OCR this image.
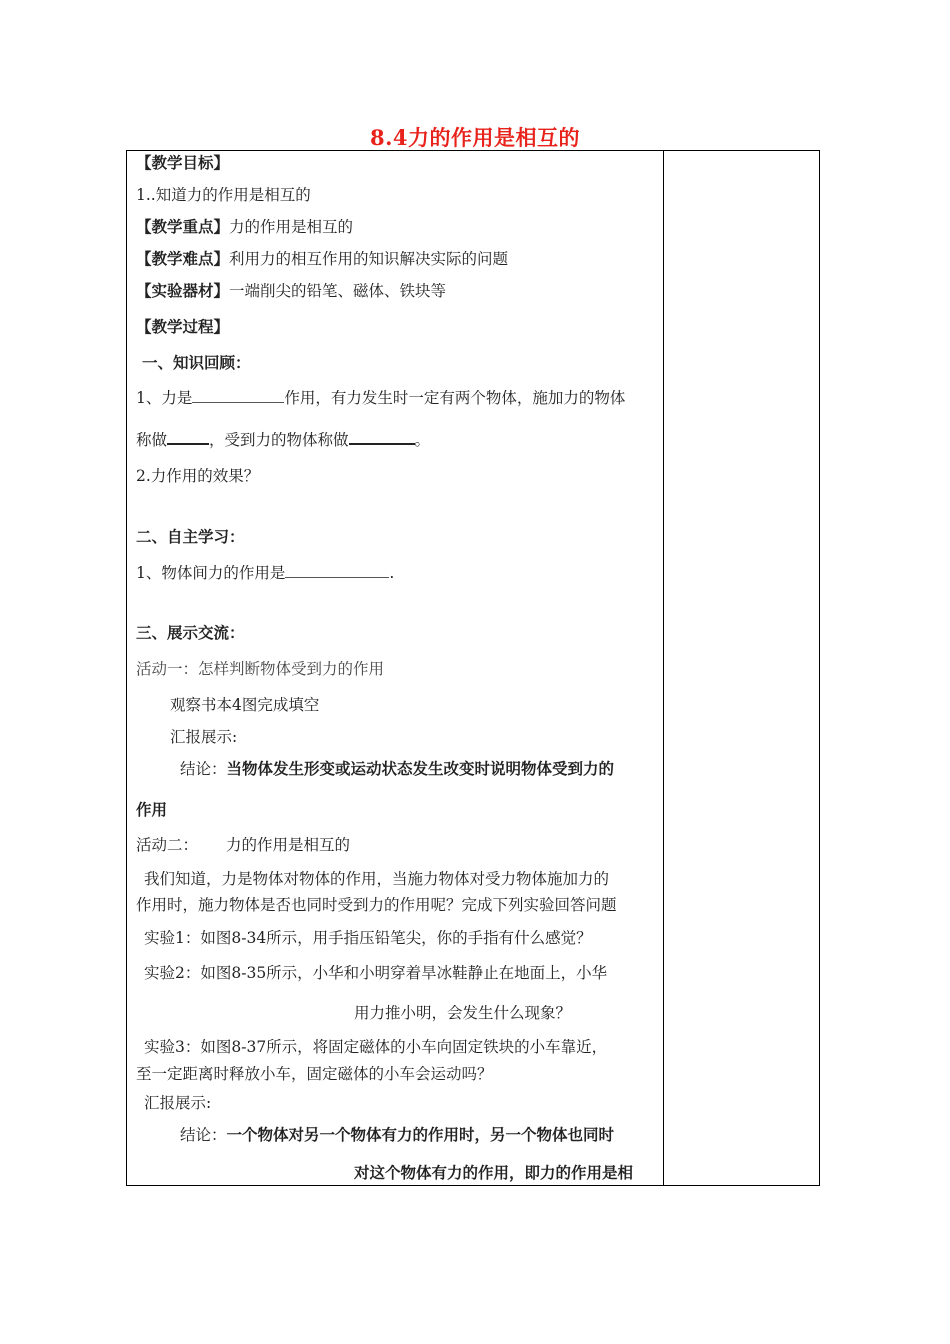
8.4力的作用是相互的
【教学目标】
1..知道力的作用是相互的
【教学重点】力的作用是相互的
【教学难点】利用力的相互作用的知识解决实际的问题
【实验器材】一端削尖的铅笔、磁体、铁块等
【教学过程】
一、知识回顾：
1、力是	作用，有力发生时一定有两个物体，施加力的物体
称做	，受到力的物体称做	。
2.力作用的效果？
二、自主学习：
1、物体间力的作用是	.
三、展示交流：
活动一：怎样判断物体受到力的作用
观察书本4图完成填空
汇报展示:
结论：当物体发生形变或运动状态发生改变时说明物体受到力的
作用
活动二： 力的作用是相互的
我们知道，力是物体对物体的作用，当施力物体对受力物体施加力的
作用时，施力物体是否也同时受到力的作用呢？完成下列实验回答问题
实验1：如图8-34所示，用手指压铅笔尖，你的手指有什么感觉？
实验2：如图8-35所示，小华和小明穿着旱冰鞋静止在地面上，小华
用力推小明，会发生什么现象？
实验3：如图8-37所示，将固定磁体的小车向固定铁块的小车靠近，
至一定距离时释放小车，固定磁体的小车会运动吗？
汇报展示:
结论：一个物体对另一个物体有力的作用时，另一个物体也同时
对这个物体有力的作用，即力的作用是相
